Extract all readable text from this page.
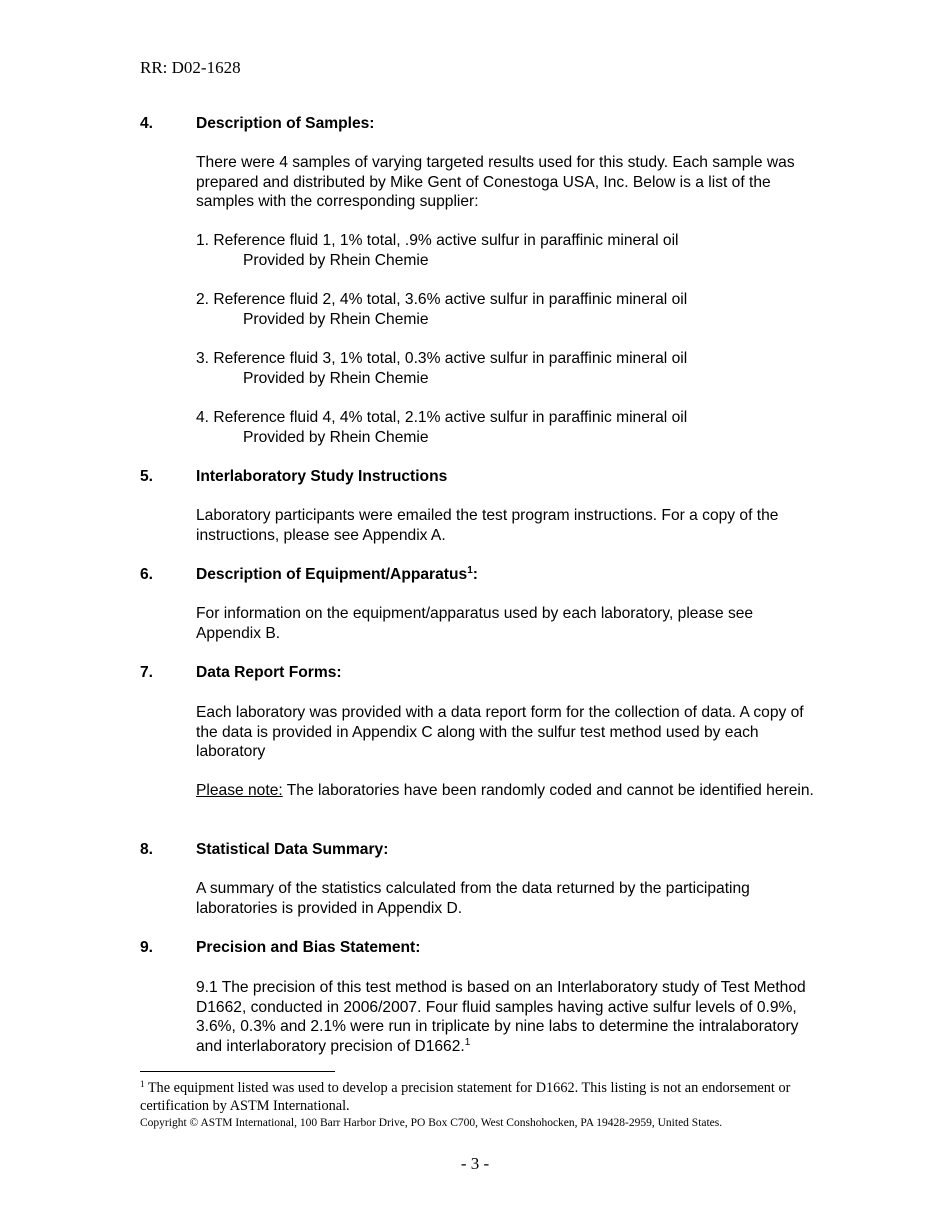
RR: D02-1628
4.	Description of Samples:
There were 4 samples of varying targeted results used for this study. Each sample was prepared and distributed by Mike Gent of Conestoga USA, Inc. Below is a list of the samples with the corresponding supplier:
1. Reference fluid 1, 1% total, .9% active sulfur in paraffinic mineral oil
Provided by Rhein Chemie
2. Reference fluid 2, 4% total, 3.6% active sulfur in paraffinic mineral oil
Provided by Rhein Chemie
3. Reference fluid 3, 1% total, 0.3% active sulfur in paraffinic mineral oil
Provided by Rhein Chemie
4. Reference fluid 4, 4% total, 2.1% active sulfur in paraffinic mineral oil
Provided by Rhein Chemie
5.	Interlaboratory Study Instructions
Laboratory participants were emailed the test program instructions. For a copy of the instructions, please see Appendix A.
6.	Description of Equipment/Apparatus$^1$:
For information on the equipment/apparatus used by each laboratory, please see Appendix B.
7.	Data Report Forms:
Each laboratory was provided with a data report form for the collection of data. A copy of the data is provided in Appendix C along with the sulfur test method used by each laboratory
Please note: The laboratories have been randomly coded and cannot be identified herein.
8.	Statistical Data Summary:
A summary of the statistics calculated from the data returned by the participating laboratories is provided in Appendix D.
9.	Precision and Bias Statement:
9.1 The precision of this test method is based on an Interlaboratory study of Test Method D1662, conducted in 2006/2007. Four fluid samples having active sulfur levels of 0.9%, 3.6%, 0.3% and 2.1% were run in triplicate by nine labs to determine the intralaboratory and interlaboratory precision of D1662.$^1$
$^1$ The equipment listed was used to develop a precision statement for D1662. This listing is not an endorsement or certification by ASTM International.
Copyright © ASTM International, 100 Barr Harbor Drive, PO Box C700, West Conshohocken, PA 19428-2959, United States.
- 3 -
